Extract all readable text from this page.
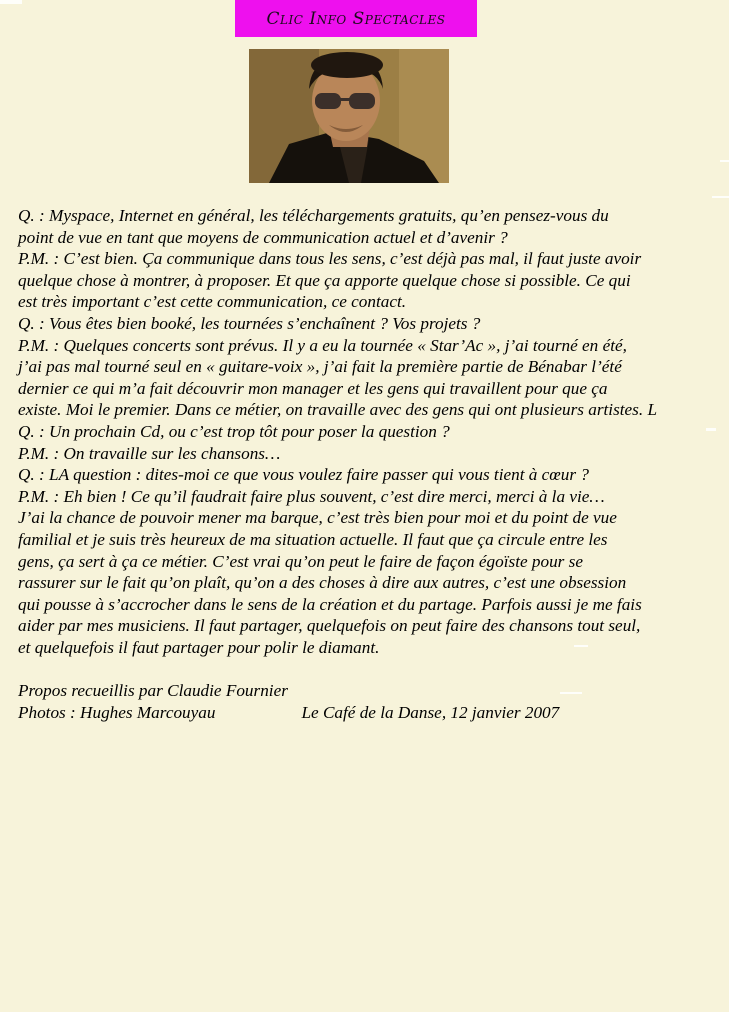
Clic Info Spectacles
Q. : Myspace, Internet en général, les téléchargements gratuits, qu’en pensez-vous du
point de vue en tant que moyens de communication actuel et d’avenir ?
P.M. : C’est bien. Ça communique dans tous les sens, c’est déjà pas mal, il faut juste avoir
quelque chose à montrer, à proposer. Et que ça apporte quelque chose si possible. Ce qui
est très important c’est cette communication, ce contact.
Q. : Vous êtes bien booké, les tournées s’enchaînent ? Vos projets ?
P.M. : Quelques concerts sont prévus. Il y a eu la tournée « Star’Ac », j’ai tourné en été,
j’ai pas mal tourné seul en « guitare-voix », j’ai fait la première partie de Bénabar l’été
dernier ce qui m’a fait découvrir mon manager et les gens qui travaillent pour que ça
existe. Moi le premier. Dans ce métier, on travaille avec des gens qui ont plusieurs artistes. L
Q. : Un prochain Cd, ou c’est trop tôt pour poser la question ?
P.M. : On travaille sur les chansons…
Q. : LA question : dites-moi ce que vous voulez faire passer qui vous tient à cœur ?
P.M. : Eh bien ! Ce qu’il faudrait faire plus souvent, c’est dire merci, merci à la vie…
J’ai la chance de pouvoir mener ma barque, c’est très bien pour moi et du point de vue
familial et je suis très heureux de ma situation actuelle. Il faut que ça circule entre les
gens, ça sert à ça ce métier. C’est vrai qu’on peut le faire de façon égoïste pour se
rassurer sur le fait qu’on plaît, qu’on a des choses à dire aux autres, c’est une obsession
qui pousse à s’accrocher dans le sens de la création et du partage. Parfois aussi je me fais
aider par mes musiciens. Il faut partager, quelquefois on peut faire des chansons tout seul,
et quelquefois il faut partager pour polir le diamant.
Propos recueillis par Claudie Fournier
Photos : Hughes Marcouyau	Le Café de la Danse, 12 janvier 2007
